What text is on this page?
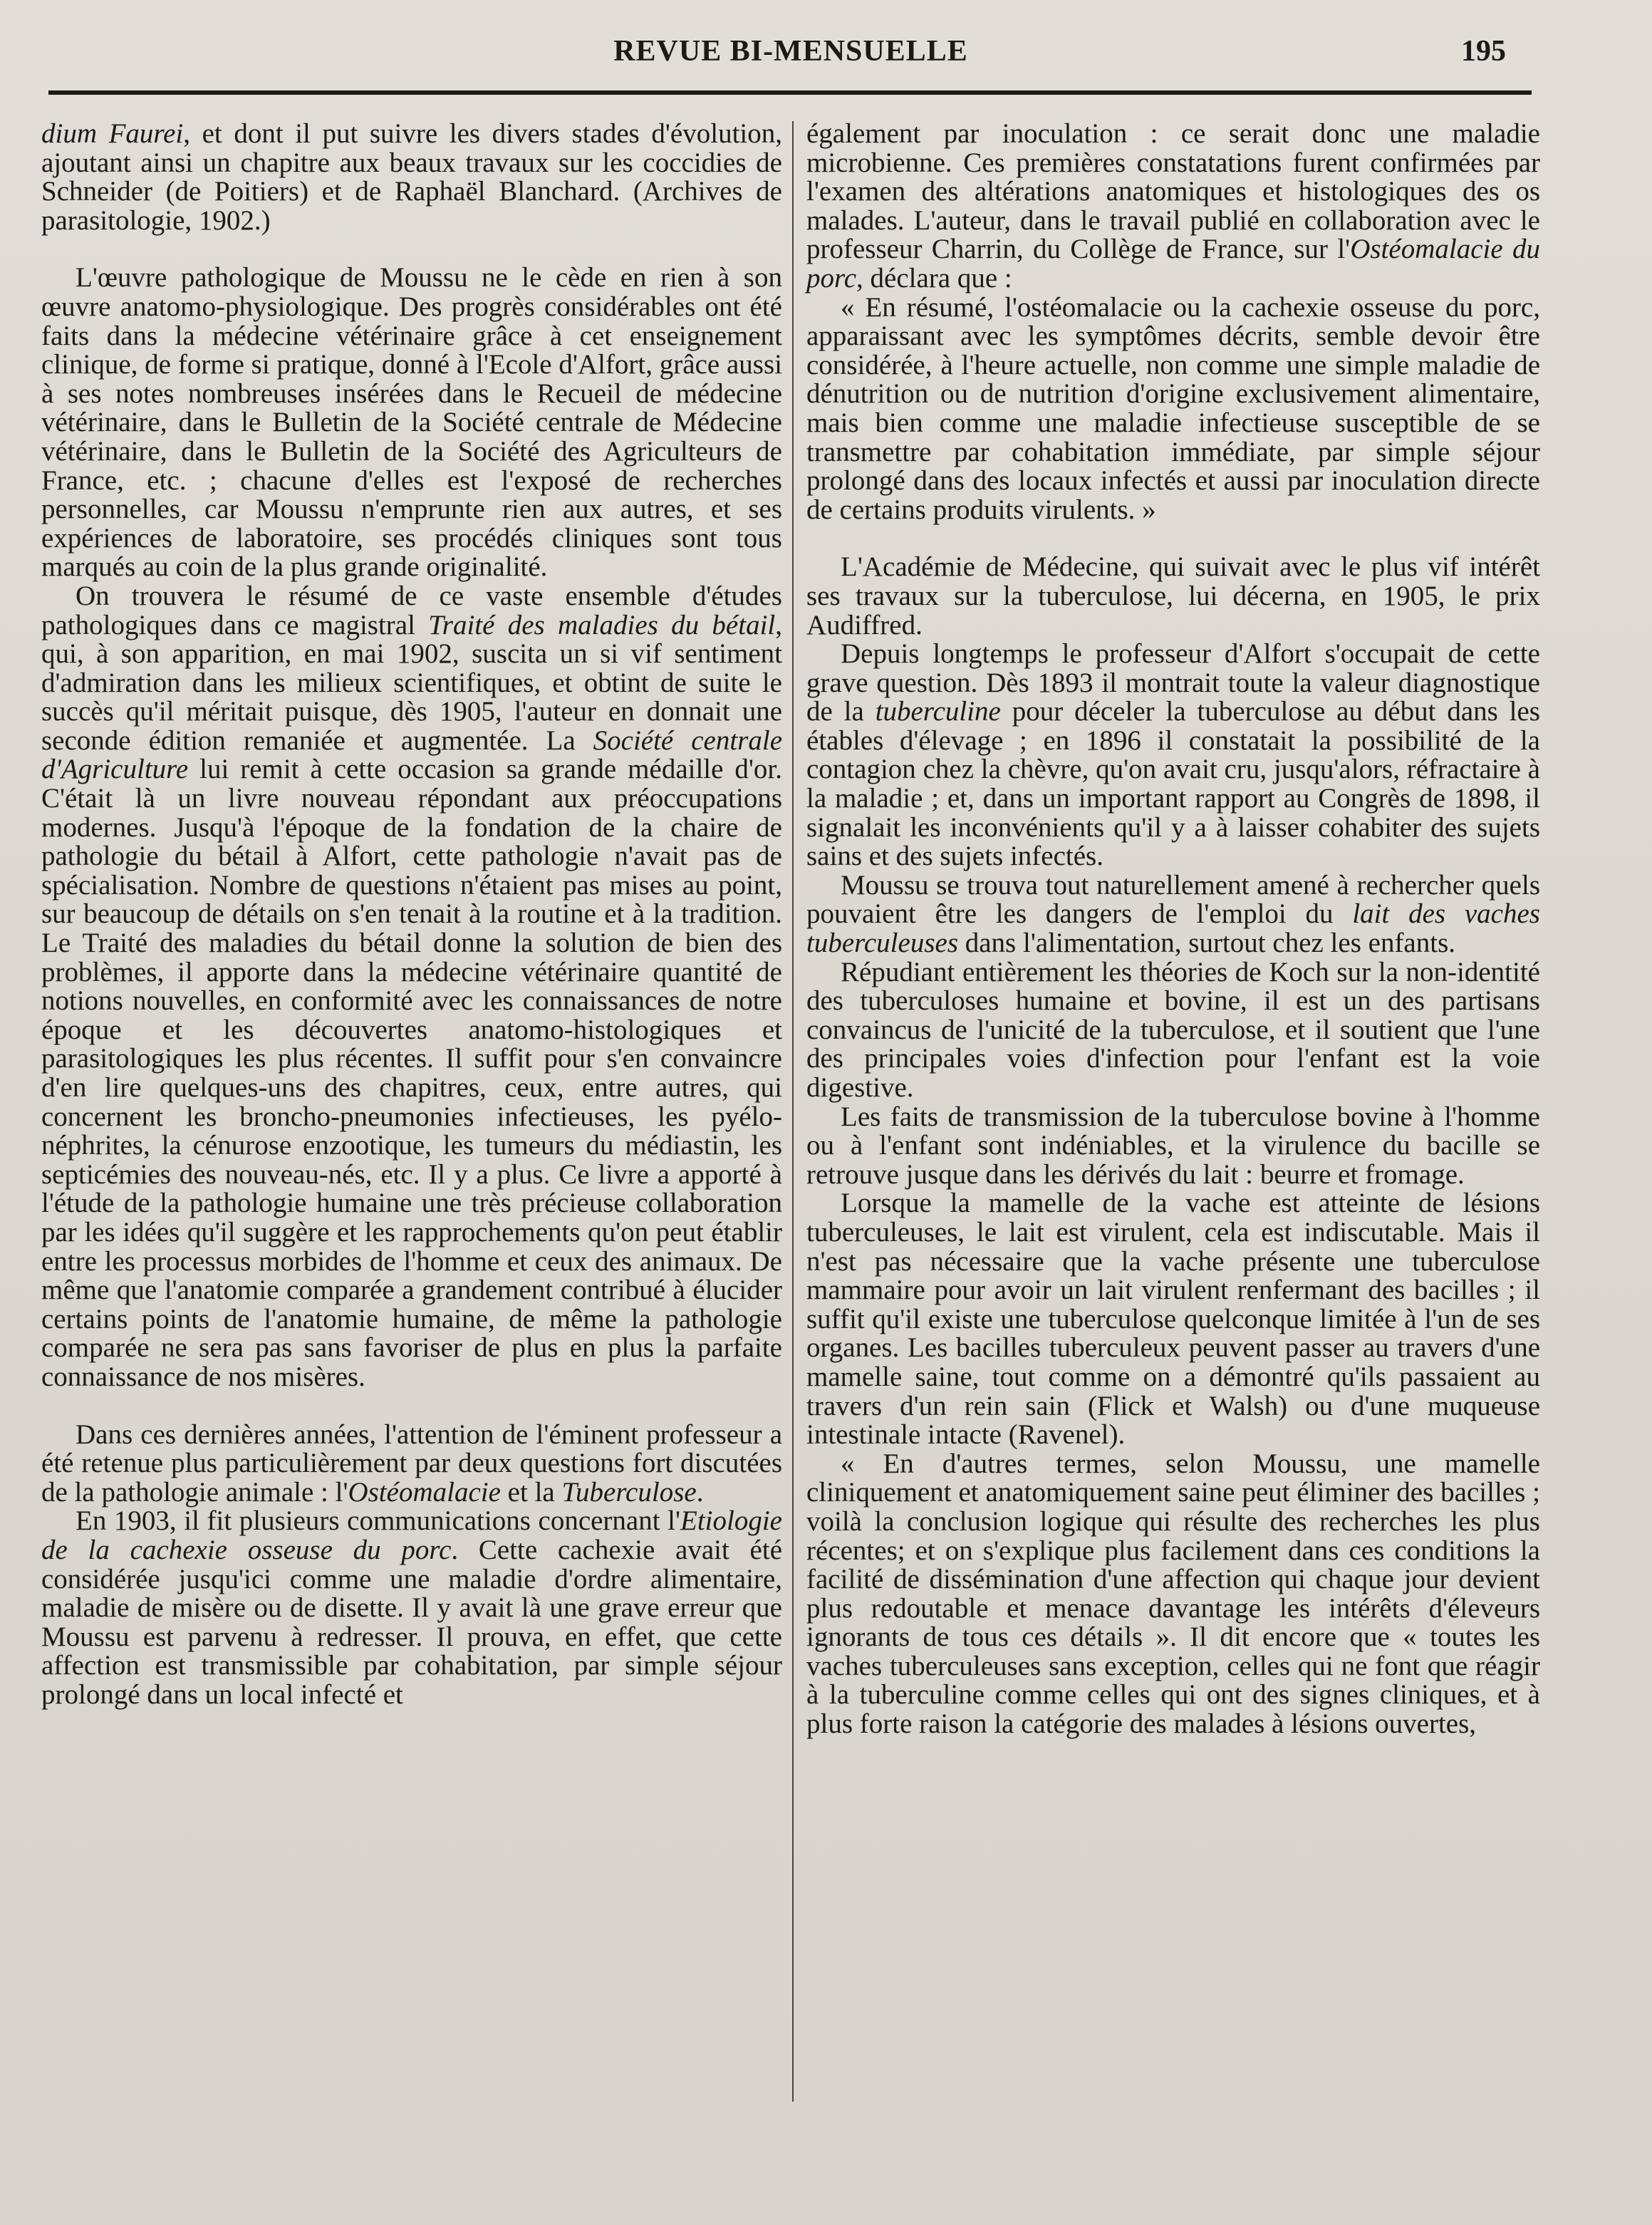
REVUE BI-MENSUELLE	195

dium Faurei, et dont il put suivre les divers stades d'évolution, ajoutant ainsi un chapitre aux beaux travaux sur les coccidies de Schneider (de Poitiers) et de Raphaël Blanchard. (Archives de parasitologie, 1902.)

L'œuvre pathologique de Moussu ne le cède en rien à son œuvre anatomo-physiologique. Des progrès considérables ont été faits dans la médecine vétérinaire grâce à cet enseignement clinique, de forme si pratique, donné à l'Ecole d'Alfort, grâce aussi à ses notes nombreuses insérées dans le Recueil de médecine vétérinaire, dans le Bulletin de la Société centrale de Médecine vétérinaire, dans le Bulletin de la Société des Agriculteurs de France, etc. ; chacune d'elles est l'exposé de recherches personnelles, car Moussu n'emprunte rien aux autres, et ses expériences de laboratoire, ses procédés cliniques sont tous marqués au coin de la plus grande originalité.

On trouvera le résumé de ce vaste ensemble d'études pathologiques dans ce magistral Traité des maladies du bétail, qui, à son apparition, en mai 1902, suscita un si vif sentiment d'admiration dans les milieux scientifiques, et obtint de suite le succès qu'il méritait puisque, dès 1905, l'auteur en donnait une seconde édition remaniée et augmentée. La Société centrale d'Agriculture lui remit à cette occasion sa grande médaille d'or. C'était là un livre nouveau répondant aux préoccupations modernes. Jusqu'à l'époque de la fondation de la chaire de pathologie du bétail à Alfort, cette pathologie n'avait pas de spécialisation. Nombre de questions n'étaient pas mises au point, sur beaucoup de détails on s'en tenait à la routine et à la tradition. Le Traité des maladies du bétail donne la solution de bien des problèmes, il apporte dans la médecine vétérinaire quantité de notions nouvelles, en conformité avec les connaissances de notre époque et les découvertes anatomo-histologiques et parasitologiques les plus récentes. Il suffit pour s'en convaincre d'en lire quelques-uns des chapitres, ceux, entre autres, qui concernent les broncho-pneumonies infectieuses, les pyélo-néphrites, la cénurose enzootique, les tumeurs du médiastin, les septicémies des nouveau-nés, etc. Il y a plus. Ce livre a apporté à l'étude de la pathologie humaine une très précieuse collaboration par les idées qu'il suggère et les rapprochements qu'on peut établir entre les processus morbides de l'homme et ceux des animaux. De même que l'anatomie comparée a grandement contribué à élucider certains points de l'anatomie humaine, de même la pathologie comparée ne sera pas sans favoriser de plus en plus la parfaite connaissance de nos misères.

Dans ces dernières années, l'attention de l'éminent professeur a été retenue plus particulièrement par deux questions fort discutées de la pathologie animale : l'Ostéomalacie et la Tuberculose.

En 1903, il fit plusieurs communications concernant l'Etiologie de la cachexie osseuse du porc. Cette cachexie avait été considérée jusqu'ici comme une maladie d'ordre alimentaire, maladie de misère ou de disette. Il y avait là une grave erreur que Moussu est parvenu à redresser. Il prouva, en effet, que cette affection est transmissible par cohabitation, par simple séjour prolongé dans un local infecté et

également par inoculation : ce serait donc une maladie microbienne. Ces premières constatations furent confirmées par l'examen des altérations anatomiques et histologiques des os malades. L'auteur, dans le travail publié en collaboration avec le professeur Charrin, du Collège de France, sur l'Ostéomalacie du porc, déclara que :

« En résumé, l'ostéomalacie ou la cachexie osseuse du porc, apparaissant avec les symptômes décrits, semble devoir être considérée, à l'heure actuelle, non comme une simple maladie de dénutrition ou de nutrition d'origine exclusivement alimentaire, mais bien comme une maladie infectieuse susceptible de se transmettre par cohabitation immédiate, par simple séjour prolongé dans des locaux infectés et aussi par inoculation directe de certains produits virulents. »

L'Académie de Médecine, qui suivait avec le plus vif intérêt ses travaux sur la tuberculose, lui décerna, en 1905, le prix Audiffred.

Depuis longtemps le professeur d'Alfort s'occupait de cette grave question. Dès 1893 il montrait toute la valeur diagnostique de la tuberculine pour déceler la tuberculose au début dans les étables d'élevage ; en 1896 il constatait la possibilité de la contagion chez la chèvre, qu'on avait cru, jusqu'alors, réfractaire à la maladie ; et, dans un important rapport au Congrès de 1898, il signalait les inconvénients qu'il y a à laisser cohabiter des sujets sains et des sujets infectés.

Moussu se trouva tout naturellement amené à rechercher quels pouvaient être les dangers de l'emploi du lait des vaches tuberculeuses dans l'alimentation, surtout chez les enfants.

Répudiant entièrement les théories de Koch sur la non-identité des tuberculoses humaine et bovine, il est un des partisans convaincus de l'unicité de la tuberculose, et il soutient que l'une des principales voies d'infection pour l'enfant est la voie digestive.

Les faits de transmission de la tuberculose bovine à l'homme ou à l'enfant sont indéniables, et la virulence du bacille se retrouve jusque dans les dérivés du lait : beurre et fromage.

Lorsque la mamelle de la vache est atteinte de lésions tuberculeuses, le lait est virulent, cela est indiscutable. Mais il n'est pas nécessaire que la vache présente une tuberculose mammaire pour avoir un lait virulent renfermant des bacilles ; il suffit qu'il existe une tuberculose quelconque limitée à l'un de ses organes. Les bacilles tuberculeux peuvent passer au travers d'une mamelle saine, tout comme on a démontré qu'ils passaient au travers d'un rein sain (Flick et Walsh) ou d'une muqueuse intestinale intacte (Ravenel).

« En d'autres termes, selon Moussu, une mamelle cliniquement et anatomiquement saine peut éliminer des bacilles ; voilà la conclusion logique qui résulte des recherches les plus récentes; et on s'explique plus facilement dans ces conditions la facilité de dissémination d'une affection qui chaque jour devient plus redoutable et menace davantage les intérêts d'éleveurs ignorants de tous ces détails ». Il dit encore que « toutes les vaches tuberculeuses sans exception, celles qui ne font que réagir à la tuberculine comme celles qui ont des signes cliniques, et à plus forte raison la catégorie des malades à lésions ouvertes,
